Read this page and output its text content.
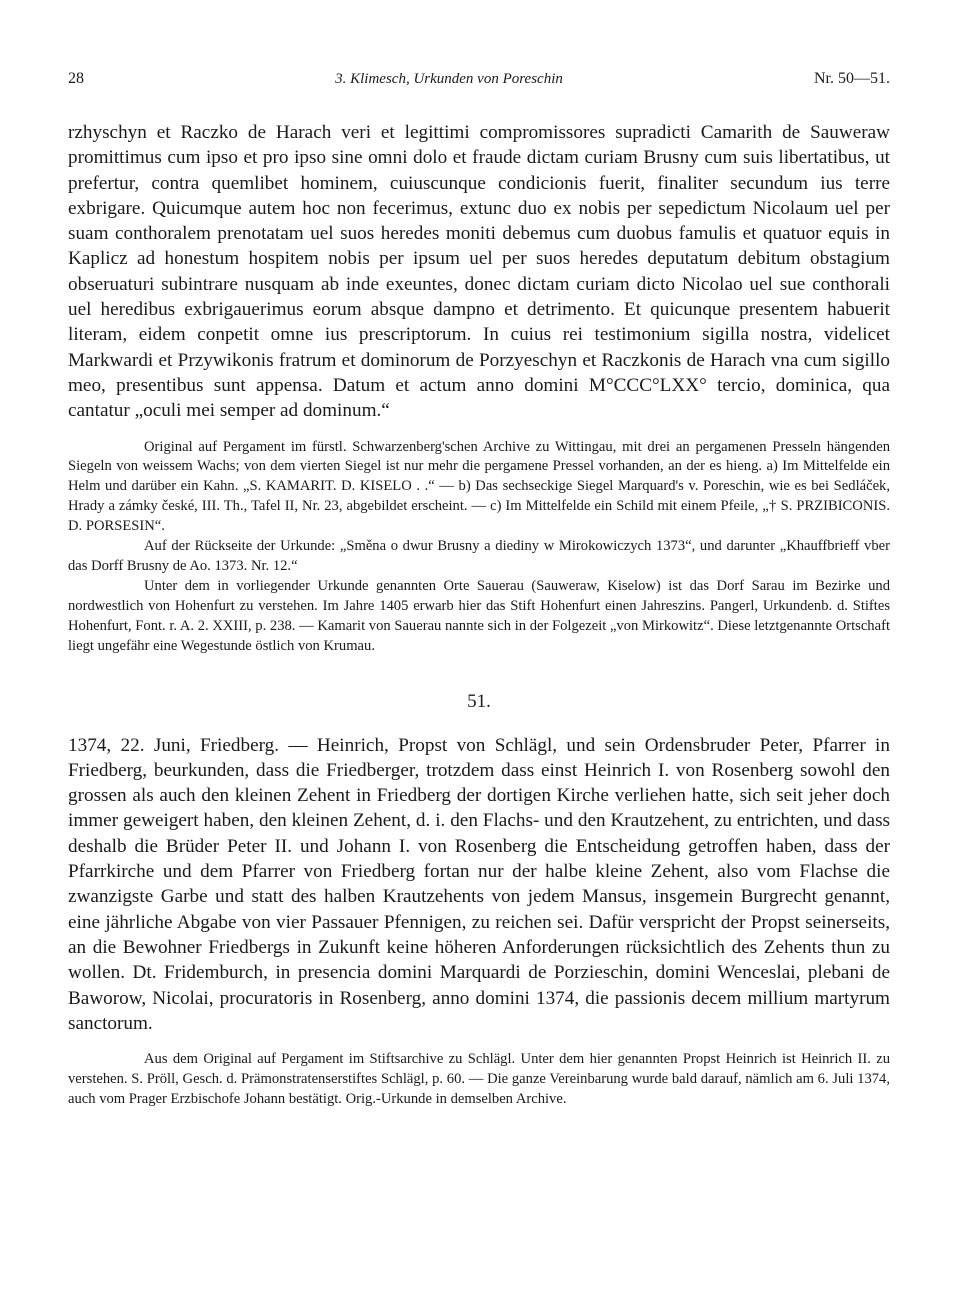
28	3. Klimesch, Urkunden von Poreschin	Nr. 50—51.

rzhyschyn et Raczko de Harach veri et legittimi compromissores supradicti Camarith de Sauweraw promittimus cum ipso et pro ipso sine omni dolo et fraude dictam curiam Brusny cum suis libertatibus, ut prefertur, contra quemlibet hominem, cuiuscunque condicionis fuerit, finaliter secundum ius terre exbrigare. Quicumque autem hoc non fecerimus, extunc duo ex nobis per sepedictum Nicolaum uel per suam conthoralem prenotatam uel suos heredes moniti debemus cum duobus famulis et quatuor equis in Kaplicz ad honestum hospitem nobis per ipsum uel per suos heredes deputatum debitum obstagium obseruaturi subintrare nusquam ab inde exeuntes, donec dictam curiam dicto Nicolao uel sue conthorali uel heredibus exbrigauerimus eorum absque dampno et detrimento. Et quicunque presentem habuerit literam, eidem conpetit omne ius prescriptorum. In cuius rei testimonium sigilla nostra, videlicet Markwardi et Przywikonis fratrum et dominorum de Porzyeschyn et Raczkonis de Harach vna cum sigillo meo, presentibus sunt appensa. Datum et actum anno domini M°CCC°LXX° tercio, dominica, qua cantatur „oculi mei semper ad dominum.“

Original auf Pergament im fürstl. Schwarzenberg'schen Archive zu Wittingau, mit drei an pergamenen Presseln hängenden Siegeln von weissem Wachs; von dem vierten Siegel ist nur mehr die pergamene Pressel vorhanden, an der es hieng. a) Im Mittelfelde ein Helm und darüber ein Kahn. „S. KAMARIT. D. KISELO . .“ — b) Das sechseckige Siegel Marquard's v. Poreschin, wie es bei Sedláček, Hrady a zámky české, III. Th., Tafel II, Nr. 23, abgebildet erscheint. — c) Im Mittelfelde ein Schild mit einem Pfeile, „† S. PRZIBICONIS. D. PORSESIN“.

Auf der Rückseite der Urkunde: „Směna o dwur Brusny a diediny w Mirokowiczych 1373“, und darunter „Khauffbrieff vber das Dorff Brusny de Ao. 1373. Nr. 12.“

Unter dem in vorliegender Urkunde genannten Orte Sauerau (Sauweraw, Kiselow) ist das Dorf Sarau im Bezirke und nordwestlich von Hohenfurt zu verstehen. Im Jahre 1405 erwarb hier das Stift Hohenfurt einen Jahreszins. Pangerl, Urkundenb. d. Stiftes Hohenfurt, Font. r. A. 2. XXIII, p. 238. — Kamarit von Sauerau nannte sich in der Folgezeit „von Mirkowitz“. Diese letztgenannte Ortschaft liegt ungefähr eine Wegestunde östlich von Krumau.

51.

1374, 22. Juni, Friedberg. — Heinrich, Propst von Schlägl, und sein Ordensbruder Peter, Pfarrer in Friedberg, beurkunden, dass die Friedberger, trotzdem dass einst Heinrich I. von Rosenberg sowohl den grossen als auch den kleinen Zehent in Friedberg der dortigen Kirche verliehen hatte, sich seit jeher doch immer geweigert haben, den kleinen Zehent, d. i. den Flachs- und den Krautzehent, zu entrichten, und dass deshalb die Brüder Peter II. und Johann I. von Rosenberg die Entscheidung getroffen haben, dass der Pfarrkirche und dem Pfarrer von Friedberg fortan nur der halbe kleine Zehent, also vom Flachse die zwanzigste Garbe und statt des halben Krautzehents von jedem Mansus, insgemein Burgrecht genannt, eine jährliche Abgabe von vier Passauer Pfennigen, zu reichen sei. Dafür verspricht der Propst seinerseits, an die Bewohner Friedbergs in Zukunft keine höheren Anforderungen rücksichtlich des Zehents thun zu wollen. Dt. Fridemburch, in presencia domini Marquardi de Porzieschin, domini Wenceslai, plebani de Baworow, Nicolai, procuratoris in Rosenberg, anno domini 1374, die passionis decem millium martyrum sanctorum.

Aus dem Original auf Pergament im Stiftsarchive zu Schlägl. Unter dem hier genannten Propst Heinrich ist Heinrich II. zu verstehen. S. Pröll, Gesch. d. Prämonstratenserstiftes Schlägl, p. 60. — Die ganze Vereinbarung wurde bald darauf, nämlich am 6. Juli 1374, auch vom Prager Erzbischofe Johann bestätigt. Orig.-Urkunde in demselben Archive.
